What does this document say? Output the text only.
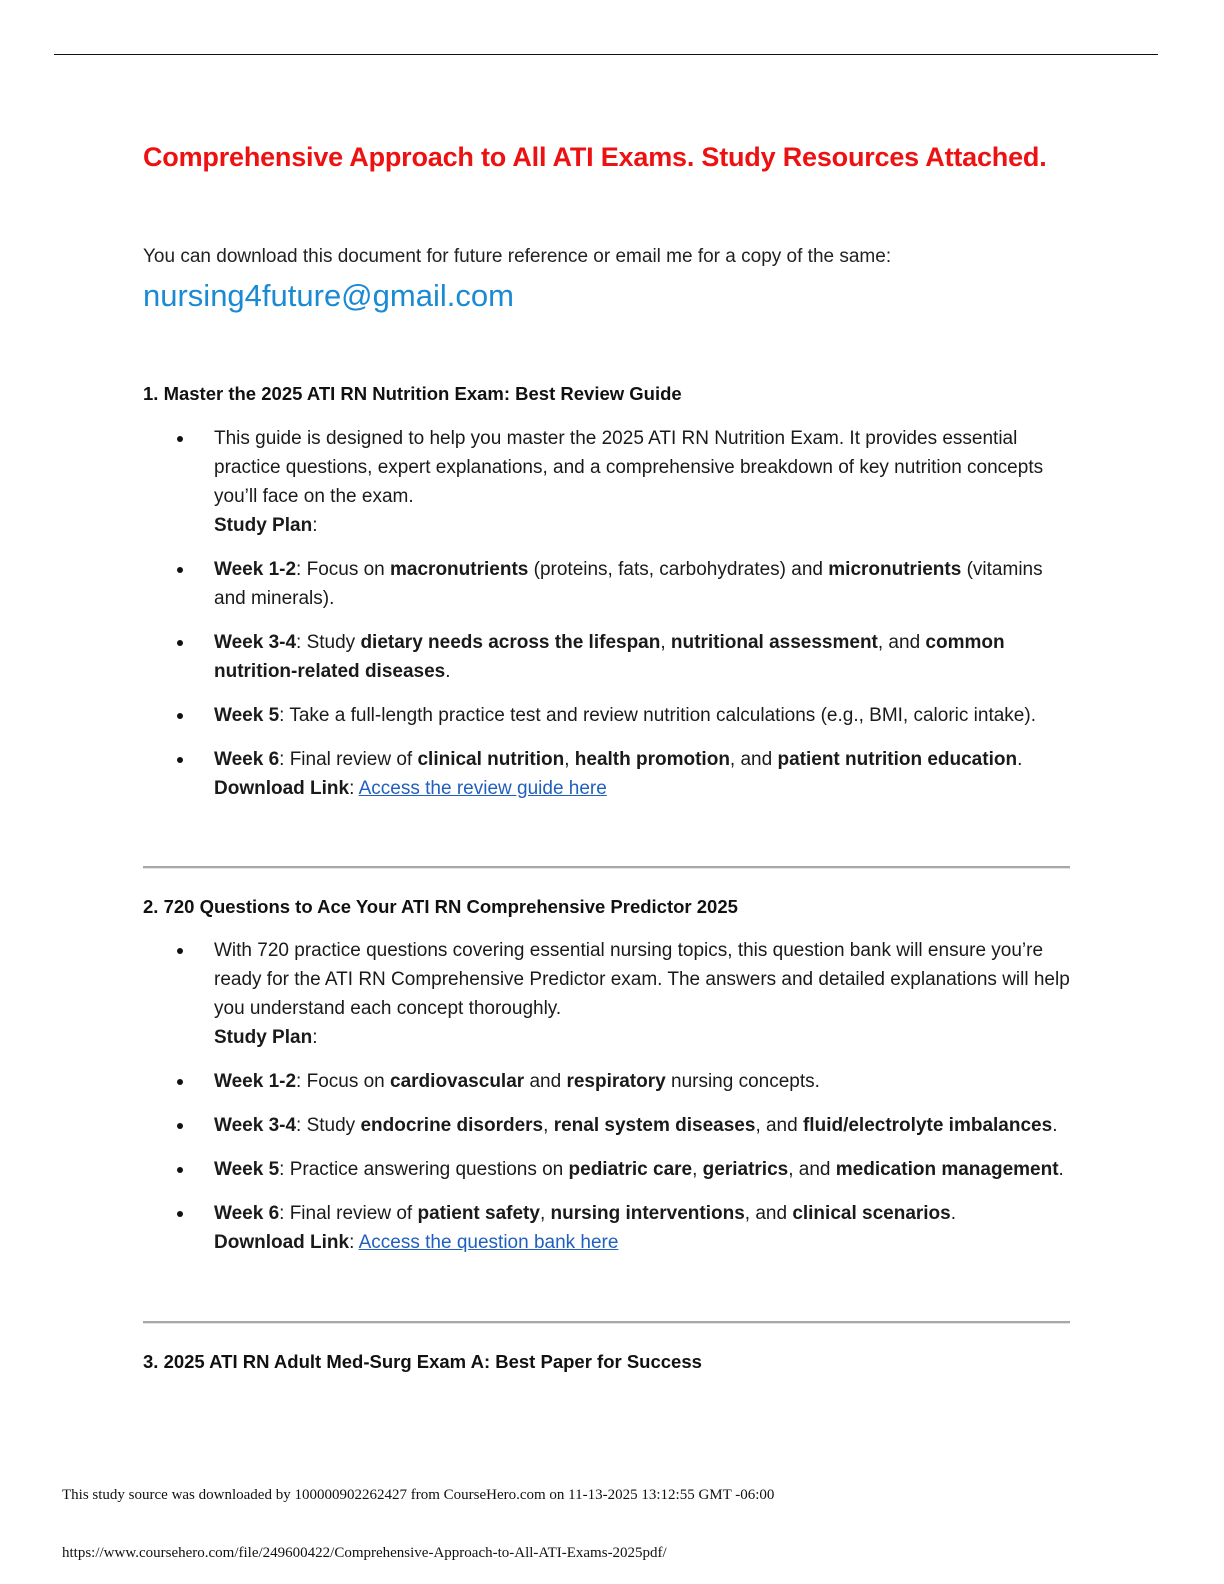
Comprehensive Approach to All ATI Exams. Study Resources Attached.
You can download this document for future reference or email me for a copy of the same:
nursing4future@gmail.com
1. Master the 2025 ATI RN Nutrition Exam: Best Review Guide
This guide is designed to help you master the 2025 ATI RN Nutrition Exam. It provides essential practice questions, expert explanations, and a comprehensive breakdown of key nutrition concepts you’ll face on the exam.
Study Plan:
Week 1-2: Focus on macronutrients (proteins, fats, carbohydrates) and micronutrients (vitamins and minerals).
Week 3-4: Study dietary needs across the lifespan, nutritional assessment, and common nutrition-related diseases.
Week 5: Take a full-length practice test and review nutrition calculations (e.g., BMI, caloric intake).
Week 6: Final review of clinical nutrition, health promotion, and patient nutrition education.
Download Link: Access the review guide here
2. 720 Questions to Ace Your ATI RN Comprehensive Predictor 2025
With 720 practice questions covering essential nursing topics, this question bank will ensure you’re ready for the ATI RN Comprehensive Predictor exam. The answers and detailed explanations will help you understand each concept thoroughly.
Study Plan:
Week 1-2: Focus on cardiovascular and respiratory nursing concepts.
Week 3-4: Study endocrine disorders, renal system diseases, and fluid/electrolyte imbalances.
Week 5: Practice answering questions on pediatric care, geriatrics, and medication management.
Week 6: Final review of patient safety, nursing interventions, and clinical scenarios.
Download Link: Access the question bank here
3. 2025 ATI RN Adult Med-Surg Exam A: Best Paper for Success
This study source was downloaded by 100000902262427 from CourseHero.com on 11-13-2025 13:12:55 GMT -06:00
https://www.coursehero.com/file/249600422/Comprehensive-Approach-to-All-ATI-Exams-2025pdf/
